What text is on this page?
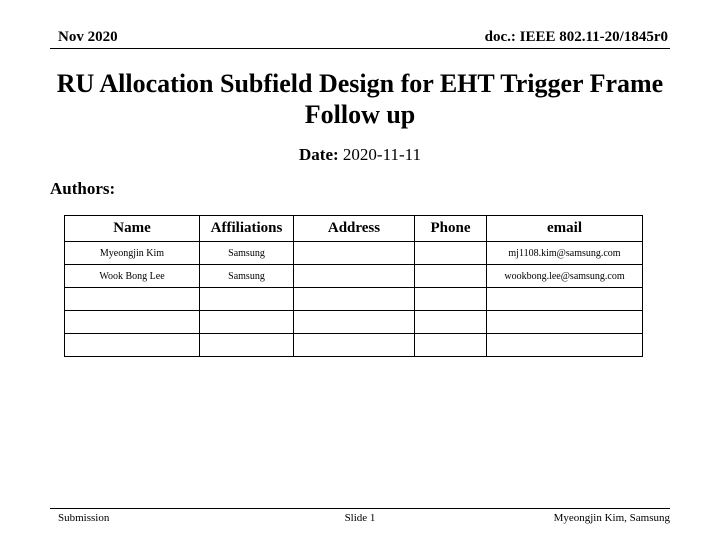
Nov 2020	doc.: IEEE 802.11-20/1845r0
RU Allocation Subfield Design for EHT Trigger Frame
Follow up
Date: 2020-11-11
Authors:
Name	Affiliations	Address	Phone	email
Myeongjin Kim	Samsung			mj1108.kim@samsung.com
Wook Bong Lee	Samsung			wookbong.lee@samsung.com

Submission	Slide 1	Myeongjin Kim, Samsung
